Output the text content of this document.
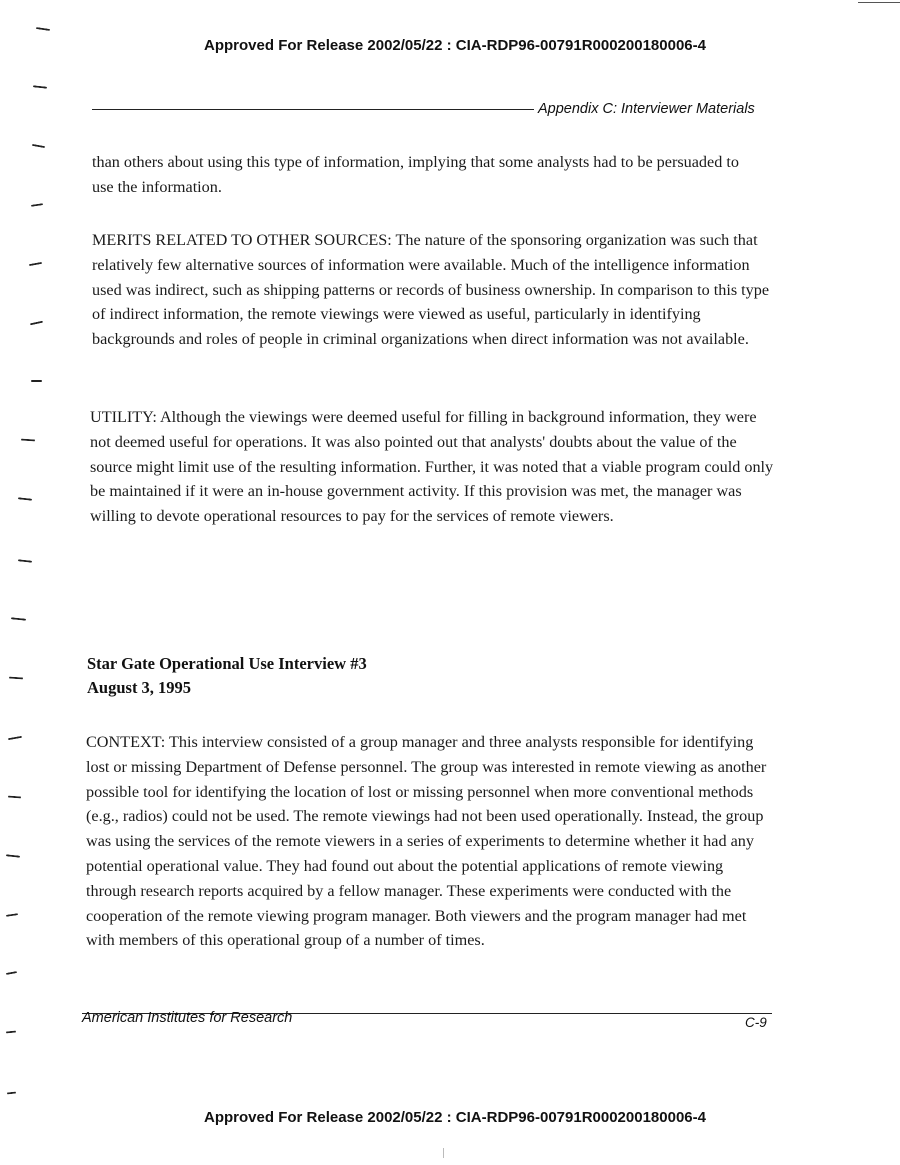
Approved For Release 2002/05/22 : CIA-RDP96-00791R000200180006-4
Appendix C: Interviewer Materials

than others about using this type of information, implying that some analysts had to be persuaded to use the information.

MERITS RELATED TO OTHER SOURCES: The nature of the sponsoring organization was such that relatively few alternative sources of information were available. Much of the intelligence information used was indirect, such as shipping patterns or records of business ownership. In comparison to this type of indirect information, the remote viewings were viewed as useful, particularly in identifying backgrounds and roles of people in criminal organizations when direct information was not available.

UTILITY: Although the viewings were deemed useful for filling in background information, they were not deemed useful for operations. It was also pointed out that analysts' doubts about the value of the source might limit use of the resulting information. Further, it was noted that a viable program could only be maintained if it were an in-house government activity. If this provision was met, the manager was willing to devote operational resources to pay for the services of remote viewers.

Star Gate Operational Use Interview #3
August 3, 1995

CONTEXT: This interview consisted of a group manager and three analysts responsible for identifying lost or missing Department of Defense personnel. The group was interested in remote viewing as another possible tool for identifying the location of lost or missing personnel when more conventional methods (e.g., radios) could not be used. The remote viewings had not been used operationally. Instead, the group was using the services of the remote viewers in a series of experiments to determine whether it had any potential operational value. They had found out about the potential applications of remote viewing through research reports acquired by a fellow manager. These experiments were conducted with the cooperation of the remote viewing program manager. Both viewers and the program manager had met with members of this operational group of a number of times.

American Institutes for Research	C-9
Approved For Release 2002/05/22 : CIA-RDP96-00791R000200180006-4
